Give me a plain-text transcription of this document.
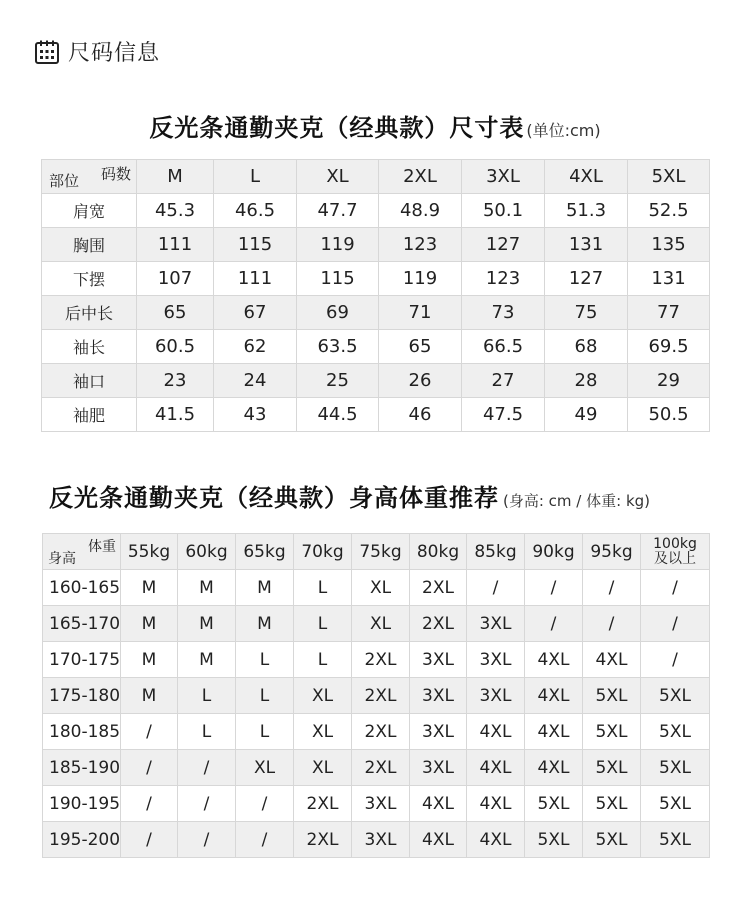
尺码信息
反光条通勤夹克（经典款）尺寸表 (单位:cm)
码数
部位	M	L	XL	2XL	3XL	4XL	5XL
肩宽	45.3	46.5	47.7	48.9	50.1	51.3	52.5
胸围	111	115	119	123	127	131	135
下摆	107	111	115	119	123	127	131
后中长	65	67	69	71	73	75	77
袖长	60.5	62	63.5	65	66.5	68	69.5
袖口	23	24	25	26	27	28	29
袖肥	41.5	43	44.5	46	47.5	49	50.5
反光条通勤夹克（经典款）身高体重推荐 (身高: cm / 体重: kg)
体重
身高	55kg	60kg	65kg	70kg	75kg	80kg	85kg	90kg	95kg	100kg
及以上

160-165	M	M	M	L	XL	2XL	/	/	/	/
165-170	M	M	M	L	XL	2XL	3XL	/	/	/
170-175	M	M	L	L	2XL	3XL	3XL	4XL	4XL	/
175-180	M	L	L	XL	2XL	3XL	3XL	4XL	5XL	5XL
180-185	/	L	L	XL	2XL	3XL	4XL	4XL	5XL	5XL
185-190	/	/	XL	XL	2XL	3XL	4XL	4XL	5XL	5XL
190-195	/	/	/	2XL	3XL	4XL	4XL	5XL	5XL	5XL
195-200	/	/	/	2XL	3XL	4XL	4XL	5XL	5XL	5XL
